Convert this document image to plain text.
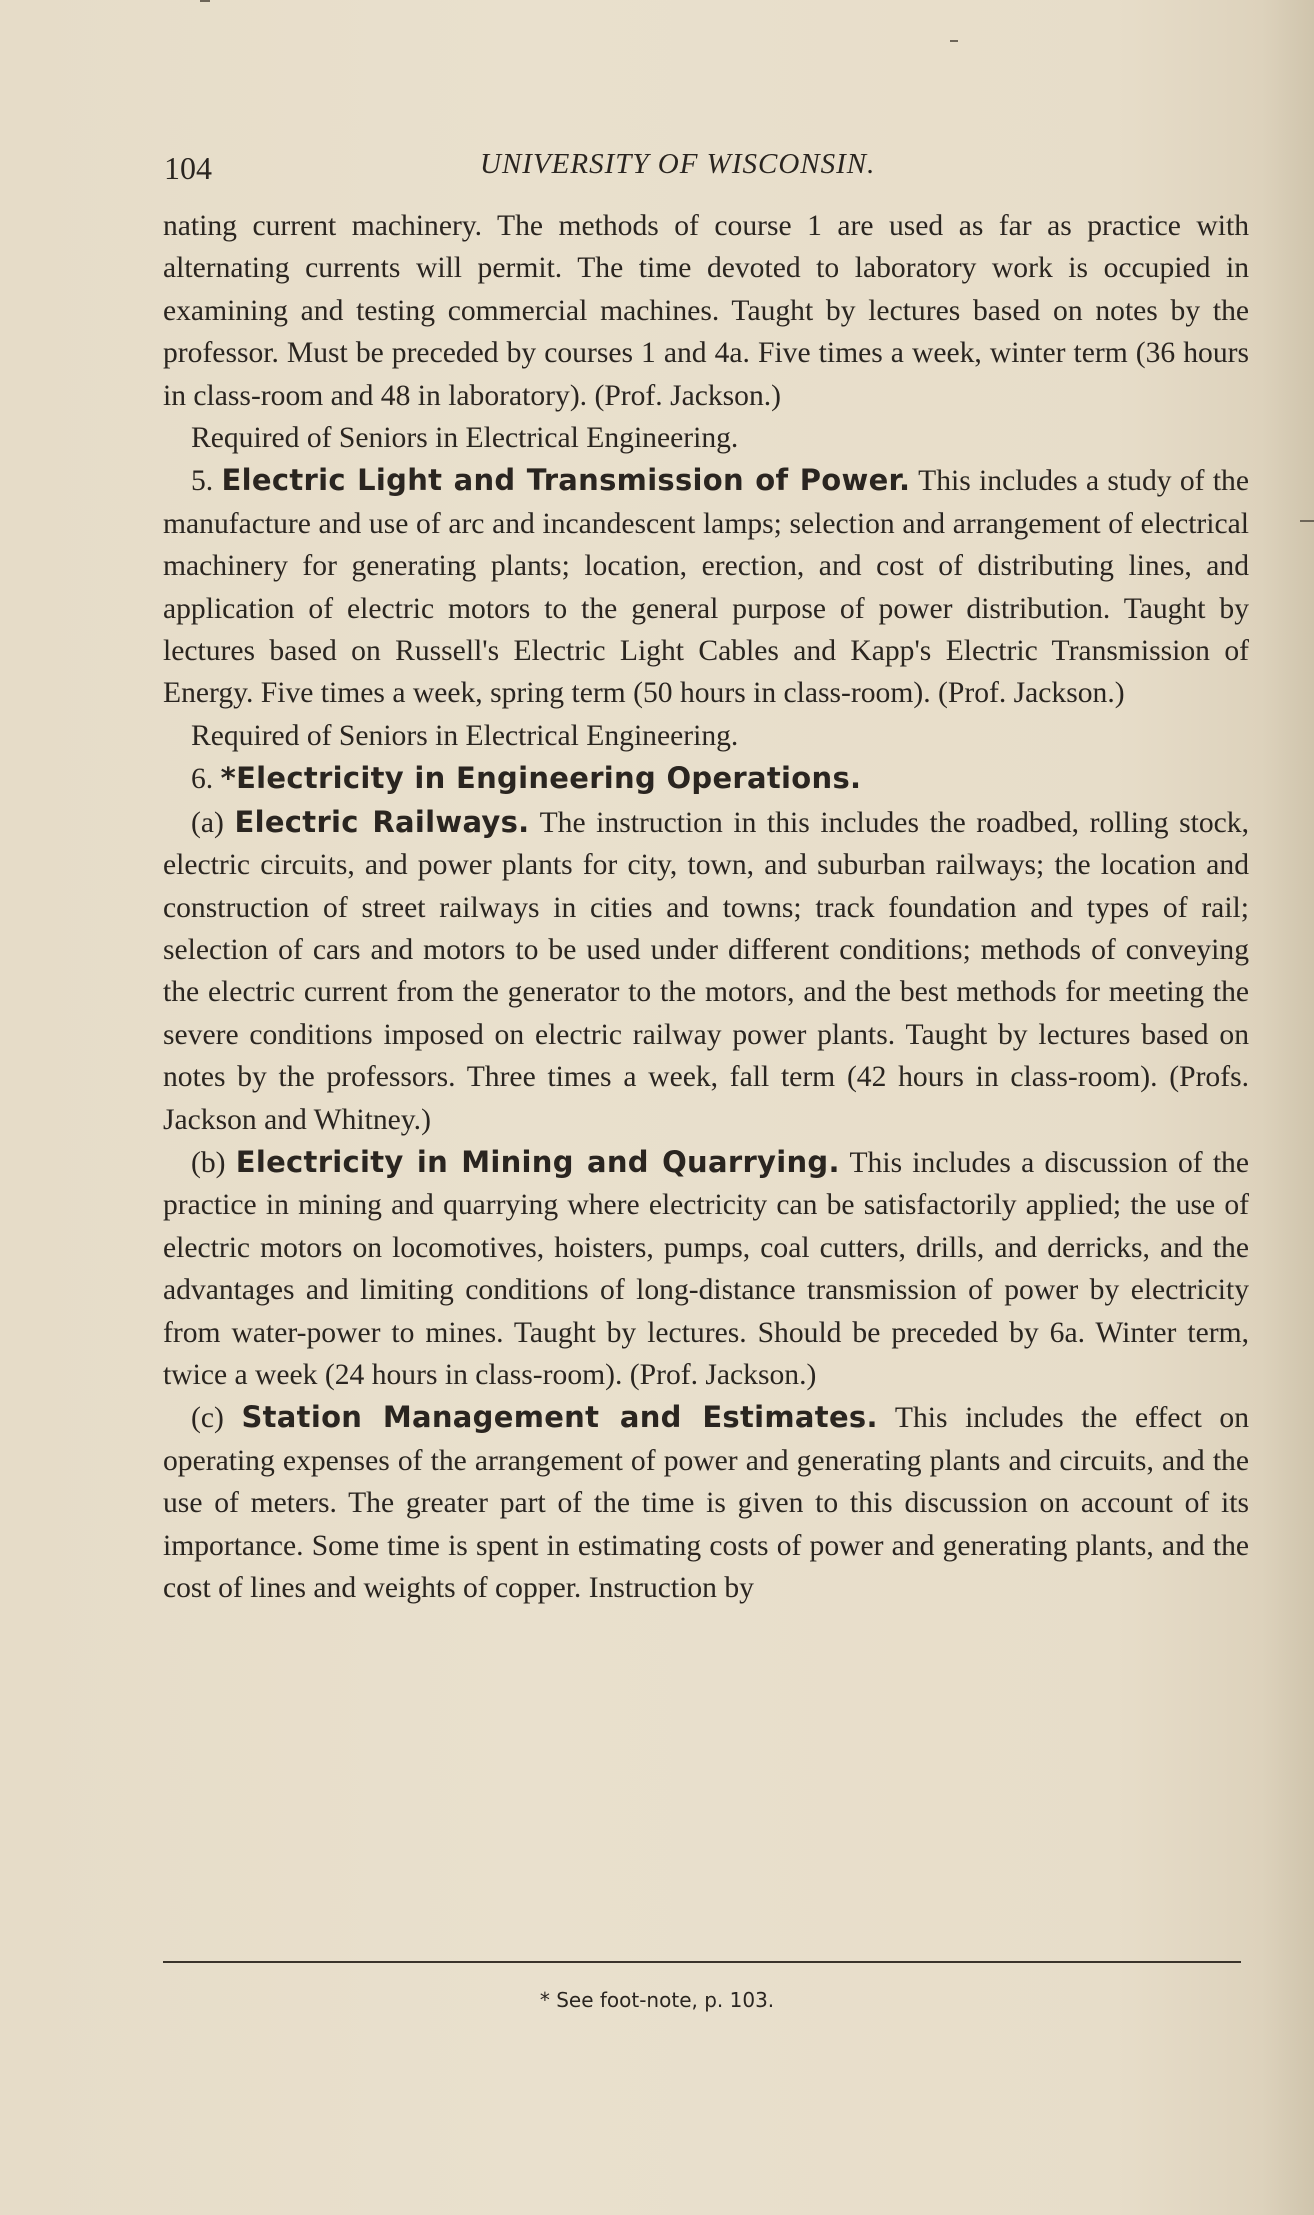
104	UNIVERSITY OF WISCONSIN.

nating current machinery. The methods of course 1 are used as far as practice with alternating currents will permit. The time devoted to laboratory work is occupied in examining and testing commercial machines. Taught by lectures based on notes by the professor. Must be preceded by courses 1 and 4a. Five times a week, winter term (36 hours in class-room and 48 in laboratory). (Prof. Jackson.)

Required of Seniors in Electrical Engineering.

5. Electric Light and Transmission of Power. This includes a study of the manufacture and use of arc and incandescent lamps; selection and arrangement of electrical machinery for generating plants; location, erection, and cost of distributing lines, and application of electric motors to the general purpose of power distribution. Taught by lectures based on Russell's Electric Light Cables and Kapp's Electric Transmission of Energy. Five times a week, spring term (50 hours in class-room). (Prof. Jackson.)

Required of Seniors in Electrical Engineering.

6. *Electricity in Engineering Operations.

(a) Electric Railways. The instruction in this includes the roadbed, rolling stock, electric circuits, and power plants for city, town, and suburban railways; the location and construction of street railways in cities and towns; track foundation and types of rail; selection of cars and motors to be used under different conditions; methods of conveying the electric current from the generator to the motors, and the best methods for meeting the severe conditions imposed on electric railway power plants. Taught by lectures based on notes by the professors. Three times a week, fall term (42 hours in class-room). (Profs. Jackson and Whitney.)

(b) Electricity in Mining and Quarrying. This includes a discussion of the practice in mining and quarrying where electricity can be satisfactorily applied; the use of electric motors on locomotives, hoisters, pumps, coal cutters, drills, and derricks, and the advantages and limiting conditions of long-distance transmission of power by electricity from water-power to mines. Taught by lectures. Should be preceded by 6a. Winter term, twice a week (24 hours in class-room). (Prof. Jackson.)

(c) Station Management and Estimates. This includes the effect on operating expenses of the arrangement of power and generating plants and circuits, and the use of meters. The greater part of the time is given to this discussion on account of its importance. Some time is spent in estimating costs of power and generating plants, and the cost of lines and weights of copper. Instruction by

* See foot-note, p. 103.
